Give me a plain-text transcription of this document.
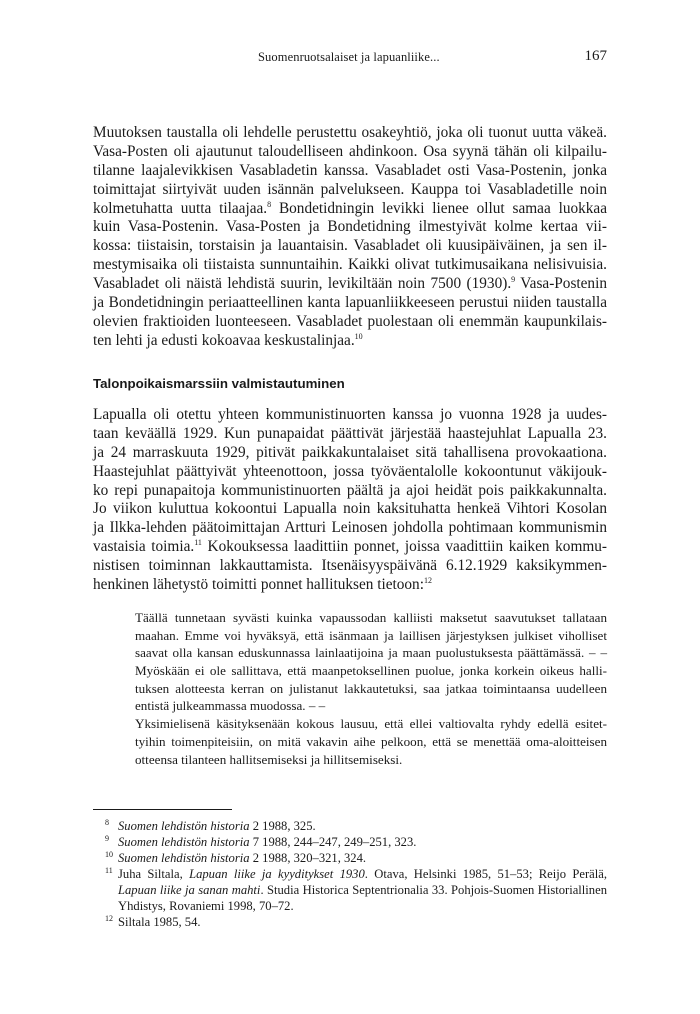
Suomenruotsalaiset ja lapuanliike...	167
Muutoksen taustalla oli lehdelle perustettu osakeyhtiö, joka oli tuonut uutta väkeä.
Vasa-Posten oli ajautunut taloudelliseen ahdinkoon. Osa syynä tähän oli kilpailu-
tilanne laajalevikkisen Vasabladetin kanssa. Vasabladet osti Vasa-Postenin, jonka
toimittajat siirtyivät uuden isännän palvelukseen. Kauppa toi Vasabladetille noin
kolmetuhatta uutta tilaajaa.$^8$ Bondetidningin levikki lienee ollut samaa luokkaa
kuin Vasa-Postenin. Vasa-Posten ja Bondetidning ilmestyivät kolme kertaa vii-
kossa: tiistaisin, torstaisin ja lauantaisin. Vasabladet oli kuusipäiväinen, ja sen il-
mestymisaika oli tiistaista sunnuntaihin. Kaikki olivat tutkimusaikana nelisivuisia.
Vasabladet oli näistä lehdistä suurin, levikiltään noin 7500 (1930).$^9$ Vasa-Postenin
ja Bondetidningin periaatteellinen kanta lapuanliikkeeseen perustui niiden taustalla
olevien fraktioiden luonteeseen. Vasabladet puolestaan oli enemmän kaupunkilais-
ten lehti ja edusti kokoavaa keskustalinjaa.$^{10}$
Talonpoikaismarssiin valmistautuminen
Lapualla oli otettu yhteen kommunistinuorten kanssa jo vuonna 1928 ja uudes-
taan keväällä 1929. Kun punapaidat päättivät järjestää haastejuhlat Lapualla 23.
ja 24 marraskuuta 1929, pitivät paikkakuntalaiset sitä tahallisena provokaationa.
Haastejuhlat päättyivät yhteenottoon, jossa työväentalolle kokoontunut väkijouk-
ko repi punapaitoja kommunistinuorten päältä ja ajoi heidät pois paikkakunnalta.
Jo viikon kuluttua kokoontui Lapualla noin kaksituhatta henkeä Vihtori Kosolan
ja Ilkka-lehden päätoimittajan Artturi Leinosen johdolla pohtimaan kommunismin
vastaisia toimia.$^{11}$ Kokouksessa laadittiin ponnet, joissa vaadittiin kaiken kommu-
nistisen toiminnan lakkauttamista. Itsenäisyyspäivänä 6.12.1929 kaksikymmen-
henkinen lähetystö toimitti ponnet hallituksen tietoon:$^{12}$
Täällä tunnetaan syvästi kuinka vapaussodan kalliisti maksetut saavutukset tallataan
maahan. Emme voi hyväksyä, että isänmaan ja laillisen järjestyksen julkiset viholliset
saavat olla kansan eduskunnassa lainlaatijoina ja maan puolustuksesta päättämässä. – –
Myöskään ei ole sallittava, että maanpetoksellinen puolue, jonka korkein oikeus halli-
tuksen alotteesta kerran on julistanut lakkautetuksi, saa jatkaa toimintaansa uudelleen
entistä julkeammassa muodossa. – –
Yksimielisenä käsityksenään kokous lausuu, että ellei valtiovalta ryhdy edellä esitet-
tyihin toimenpiteisiin, on mitä vakavin aihe pelkoon, että se menettää oma-aloitteisen
otteensa tilanteen hallitsemiseksi ja hillitsemiseksi.
8 Suomen lehdistön historia 2 1988, 325.
9 Suomen lehdistön historia 7 1988, 244–247, 249–251, 323.
10 Suomen lehdistön historia 2 1988, 320–321, 324.
11 Juha Siltala, Lapuan liike ja kyyditykset 1930. Otava, Helsinki 1985, 51–53; Reijo Perälä,
Lapuan liike ja sanan mahti. Studia Historica Septentrionalia 33. Pohjois-Suomen Historiallinen
Yhdistys, Rovaniemi 1998, 70–72.
12 Siltala 1985, 54.
